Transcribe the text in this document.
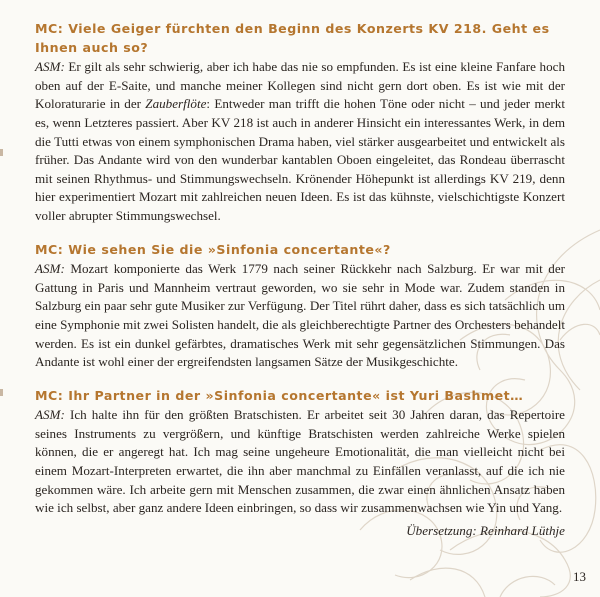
MC: Viele Geiger fürchten den Beginn des Konzerts KV 218. Geht es Ihnen auch so?

ASM: Er gilt als sehr schwierig, aber ich habe das nie so empfunden. Es ist eine kleine Fanfare hoch oben auf der E-Saite, und manche meiner Kollegen sind nicht gern dort oben. Es ist wie mit der Koloraturarie in der Zauberflöte: Entweder man trifft die hohen Töne oder nicht – und jeder merkt es, wenn Letzteres passiert. Aber KV 218 ist auch in anderer Hinsicht ein interessantes Werk, in dem die Tutti etwas von einem symphonischen Drama haben, viel stärker ausgearbeitet und entwickelt als früher. Das Andante wird von den wunderbar kantablen Oboen eingeleitet, das Rondeau überrascht mit seinen Rhythmus- und Stimmungswechseln. Krönender Höhepunkt ist allerdings KV 219, denn hier experimentiert Mozart mit zahlreichen neuen Ideen. Es ist das kühnste, vielschichtigste Konzert voller abrupter Stimmungswechsel.

MC: Wie sehen Sie die »Sinfonia concertante«?

ASM: Mozart komponierte das Werk 1779 nach seiner Rückkehr nach Salzburg. Er war mit der Gattung in Paris und Mannheim vertraut geworden, wo sie sehr in Mode war. Zudem standen in Salzburg ein paar sehr gute Musiker zur Verfügung. Der Titel rührt daher, dass es sich tatsächlich um eine Symphonie mit zwei Solisten handelt, die als gleichberechtigte Partner des Orchesters behandelt werden. Es ist ein dunkel gefärbtes, dramatisches Werk mit sehr gegensätzlichen Stimmungen. Das Andante ist wohl einer der ergreifendsten langsamen Sätze der Musikgeschichte.

MC: Ihr Partner in der »Sinfonia concertante« ist Yuri Bashmet…

ASM: Ich halte ihn für den größten Bratschisten. Er arbeitet seit 30 Jahren daran, das Repertoire seines Instruments zu vergrößern, und künftige Bratschisten werden zahlreiche Werke spielen können, die er angeregt hat. Ich mag seine ungeheure Emotionalität, die man vielleicht nicht bei einem Mozart-Interpreten erwartet, die ihn aber manchmal zu Einfällen veranlasst, auf die ich nie gekommen wäre. Ich arbeite gern mit Menschen zusammen, die zwar einen ähnlichen Ansatz haben wie ich selbst, aber ganz andere Ideen einbringen, so dass wir zusammenwachsen wie Yin und Yang.

Übersetzung: Reinhard Lüthje
13
